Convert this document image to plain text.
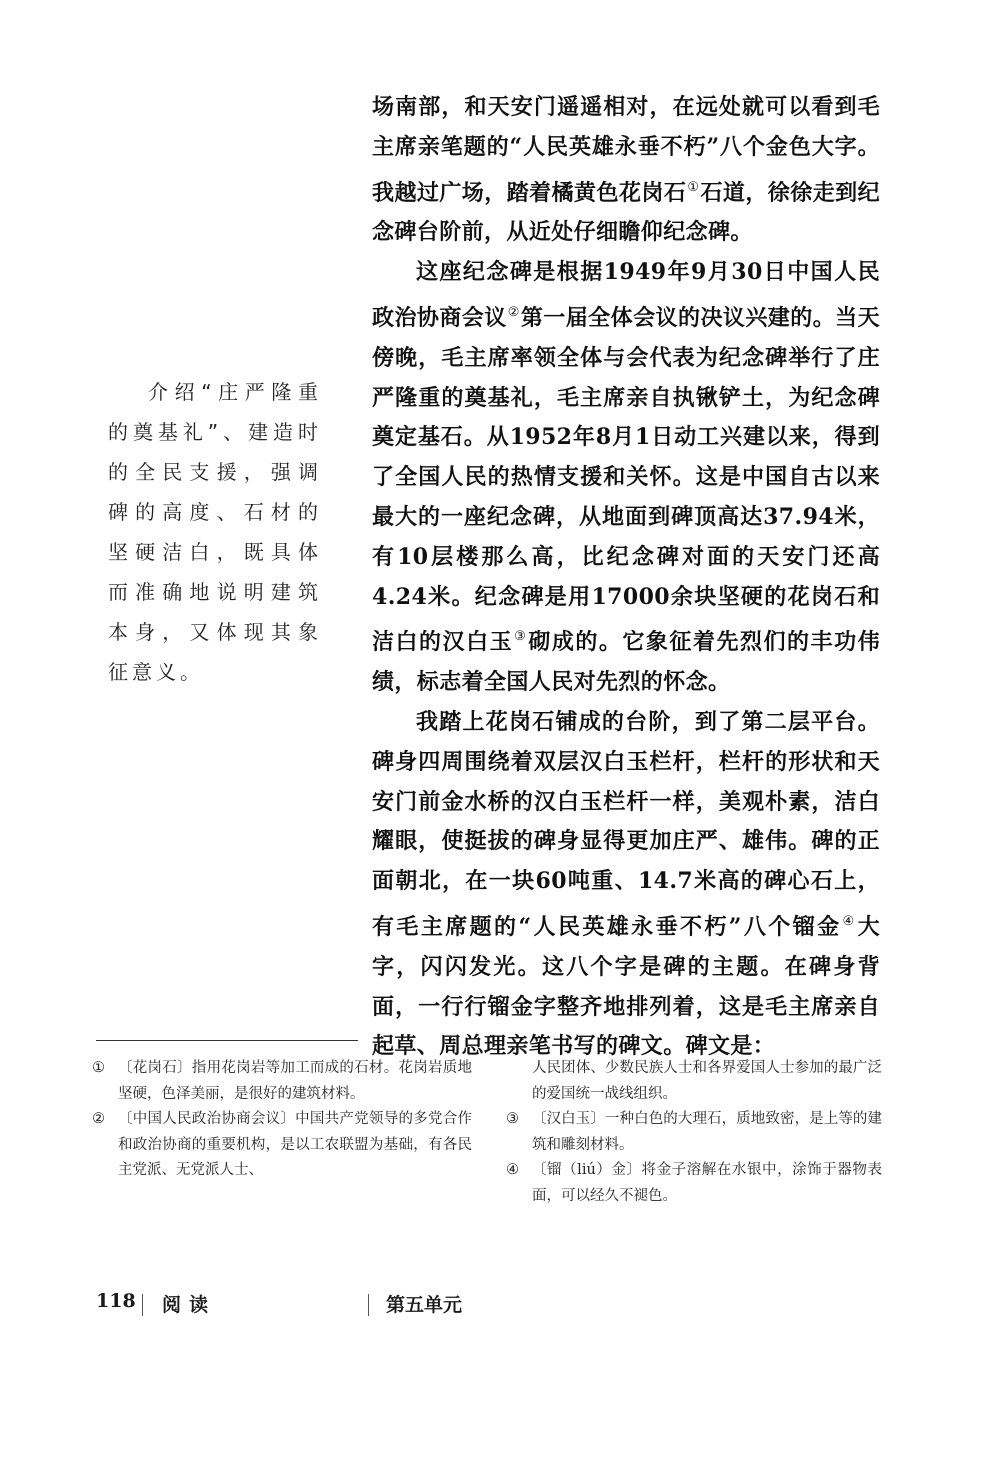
场南部，和天安门遥遥相对，在远处就可以看到毛主席亲笔题的“人民英雄永垂不朽”八个金色大字。我越过广场，踏着橘黄色花岗石①石道，徐徐走到纪念碑台阶前，从近处仔细瞻仰纪念碑。

这座纪念碑是根据1949年9月30日中国人民政治协商会议②第一届全体会议的决议兴建的。当天傍晚，毛主席率领全体与会代表为纪念碑举行了庄严隆重的奠基礼，毛主席亲自执锹铲土，为纪念碑奠定基石。从1952年8月1日动工兴建以来，得到了全国人民的热情支援和关怀。这是中国自古以来最大的一座纪念碑，从地面到碑顶高达37.94米，有10层楼那么高，比纪念碑对面的天安门还高4.24米。纪念碑是用17000余块坚硬的花岗石和洁白的汉白玉③砌成的。它象征着先烈们的丰功伟绩，标志着全国人民对先烈的怀念。

我踏上花岗石铺成的台阶，到了第二层平台。碑身四周围绕着双层汉白玉栏杆，栏杆的形状和天安门前金水桥的汉白玉栏杆一样，美观朴素，洁白耀眼，使挺拔的碑身显得更加庄严、雄伟。碑的正面朝北，在一块60吨重、14.7米高的碑心石上，有毛主席题的“人民英雄永垂不朽”八个镏金④大字，闪闪发光。这八个字是碑的主题。在碑身背面，一行行镏金字整齐地排列着，这是毛主席亲自起草、周总理亲笔书写的碑文。碑文是：

介绍“庄严隆重的奠基礼”、建造时的全民支援，强调碑的高度、石材的坚硬洁白，既具体而准确地说明建筑本身，又体现其象征意义。

① 〔花岗石〕指用花岗岩等加工而成的石材。花岗岩质地坚硬，色泽美丽，是很好的建筑材料。
② 〔中国人民政治协商会议〕中国共产党领导的多党合作和政治协商的重要机构，是以工农联盟为基础，有各民主党派、无党派人士、
人民团体、少数民族人士和各界爱国人士参加的最广泛的爱国统一战线组织。
③ 〔汉白玉〕一种白色的大理石，质地致密，是上等的建筑和雕刻材料。
④ 〔镏（liú）金〕将金子溶解在水银中，涂饰于器物表面，可以经久不褪色。
118 阅读	第五单元
